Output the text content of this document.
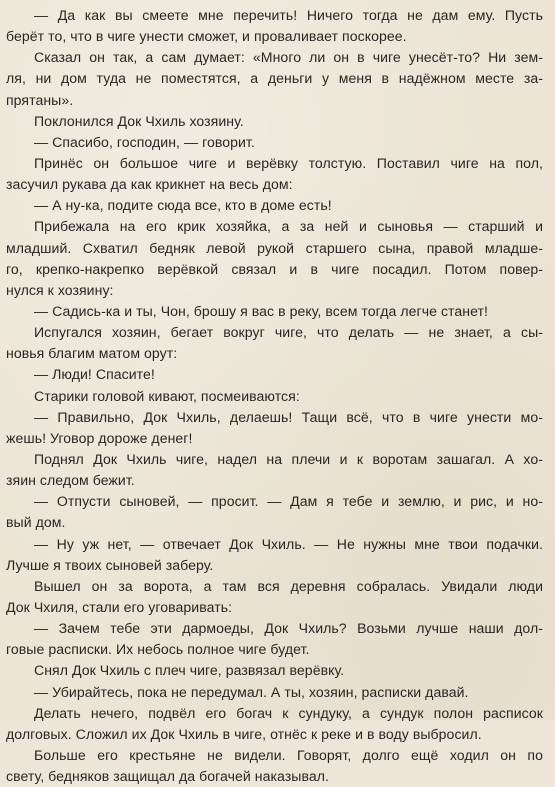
— Да как вы смеете мне перечить! Ничего тогда не дам ему. Пусть
берёт то, что в чиге унести сможет, и проваливает поскорее.
Сказал он так, а сам думает: «Много ли он в чиге унесёт-то? Ни зем-
ля, ни дом туда не поместятся, а деньги у меня в надёжном месте за-
прятаны».
Поклонился Док Чхиль хозяину.
— Спасибо, господин, — говорит.
Принёс он большое чиге и верёвку толстую. Поставил чиге на пол,
засучил рукава да как крикнет на весь дом:
— А ну-ка, подите сюда все, кто в доме есть!
Прибежала на его крик хозяйка, а за ней и сыновья — старший и
младший. Схватил бедняк левой рукой старшего сына, правой младше-
го, крепко-накрепко верёвкой связал и в чиге посадил. Потом повер-
нулся к хозяину:
— Садись-ка и ты, Чон, брошу я вас в реку, всем тогда легче станет!
Испугался хозяин, бегает вокруг чиге, что делать — не знает, а сы-
новья благим матом орут:
— Люди! Спасите!
Старики головой кивают, посмеиваются:
— Правильно, Док Чхиль, делаешь! Тащи всё, что в чиге унести мо-
жешь! Уговор дороже денег!
Поднял Док Чхиль чиге, надел на плечи и к воротам зашагал. А хо-
зяин следом бежит.
— Отпусти сыновей, — просит. — Дам я тебе и землю, и рис, и но-
вый дом.
— Ну уж нет, — отвечает Док Чхиль. — Не нужны мне твои подачки.
Лучше я твоих сыновей заберу.
Вышел он за ворота, а там вся деревня собралась. Увидали люди
Док Чхиля, стали его уговаривать:
— Зачем тебе эти дармоеды, Док Чхиль? Возьми лучше наши дол-
говые расписки. Их небось полное чиге будет.
Снял Док Чхиль с плеч чиге, развязал верёвку.
— Убирайтесь, пока не передумал. А ты, хозяин, расписки давай.
Делать нечего, подвёл его богач к сундуку, а сундук полон расписок
долговых. Сложил их Док Чхиль в чиге, отнёс к реке и в воду выбросил.
Больше его крестьяне не видели. Говорят, долго ещё ходил он по
свету, бедняков защищал да богачей наказывал.
